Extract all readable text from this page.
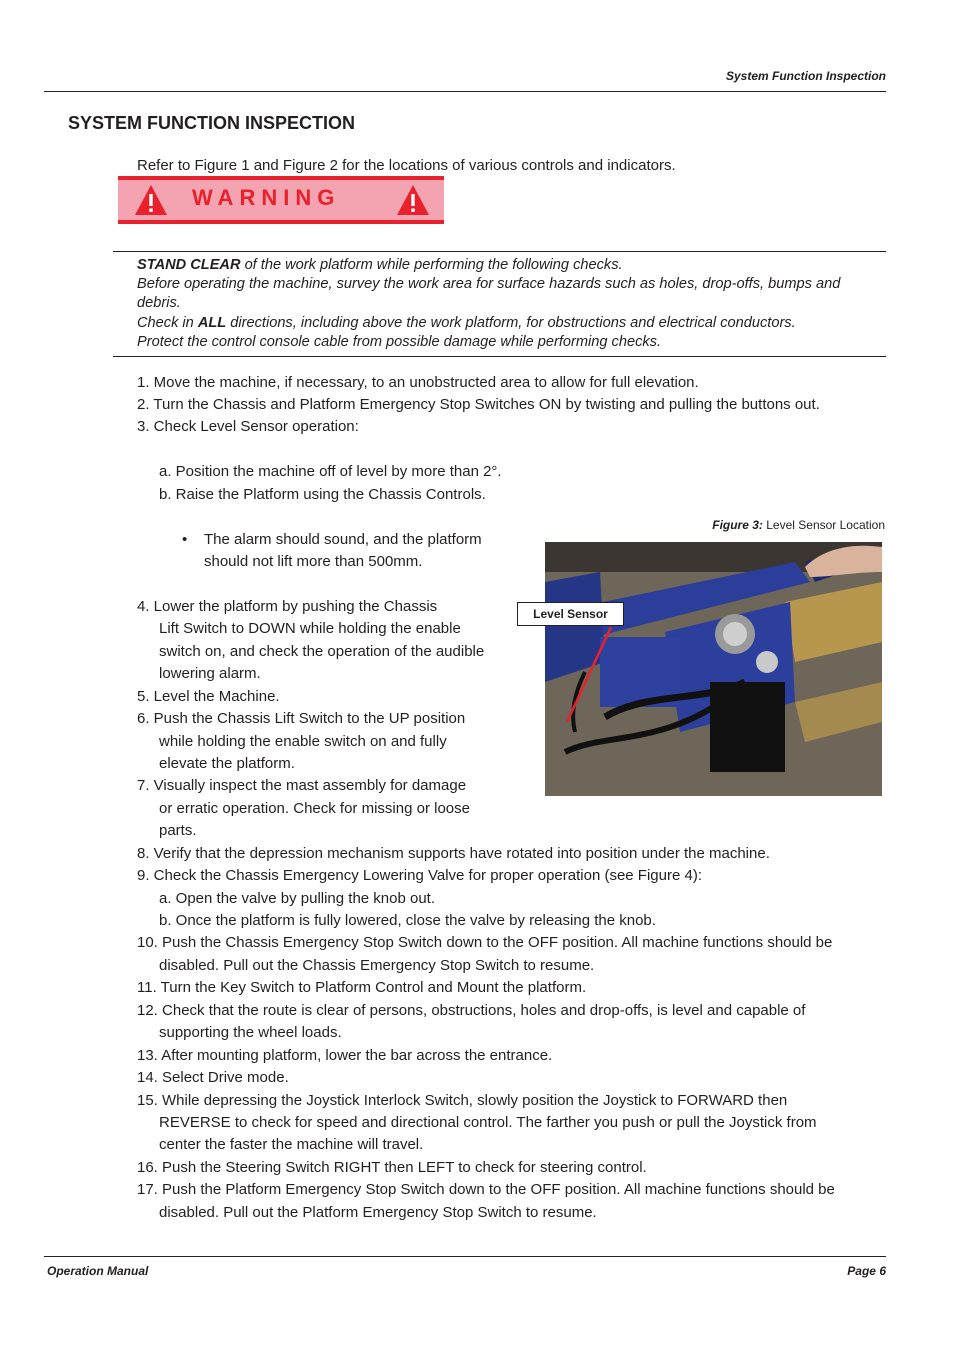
System Function Inspection
SYSTEM FUNCTION INSPECTION
Refer to Figure 1 and Figure 2 for the locations of various controls and indicators.
WARNING

STAND CLEAR of the work platform while performing the following checks.

Before operating the machine, survey the work area for surface hazards such as holes, drop-offs, bumps and debris.

Check in ALL directions, including above the work platform, for obstructions and electrical conductors.

Protect the control console cable from possible damage while performing checks.

1. Move the machine, if necessary, to an unobstructed area to allow for full elevation.
2. Turn the Chassis and Platform Emergency Stop Switches ON by twisting and pulling the buttons out.
3. Check Level Sensor operation:
a. Position the machine off of level by more than 2°.
b. Raise the Platform using the Chassis Controls.
• The alarm should sound, and the platform
should not lift more than 500mm.
4. Lower the platform by pushing the Chassis
Lift Switch to DOWN while holding the enable
switch on, and check the operation of the audible
lowering alarm.
5. Level the Machine.
6. Push the Chassis Lift Switch to the UP position
while holding the enable switch on and fully
elevate the platform.
7. Visually inspect the mast assembly for damage
or erratic operation. Check for missing or loose
parts.
8. Verify that the depression mechanism supports have rotated into position under the machine.
9. Check the Chassis Emergency Lowering Valve for proper operation (see Figure 4):
a. Open the valve by pulling the knob out.
b. Once the platform is fully lowered, close the valve by releasing the knob.
10. Push the Chassis Emergency Stop Switch down to the OFF position. All machine functions should be
disabled. Pull out the Chassis Emergency Stop Switch to resume.
11. Turn the Key Switch to Platform Control and Mount the platform.
12. Check that the route is clear of persons, obstructions, holes and drop-offs, is level and capable of
supporting the wheel loads.
13. After mounting platform, lower the bar across the entrance.
14. Select Drive mode.
15. While depressing the Joystick Interlock Switch, slowly position the Joystick to FORWARD then
REVERSE to check for speed and directional control. The farther you push or pull the Joystick from
center the faster the machine will travel.
16. Push the Steering Switch RIGHT then LEFT to check for steering control.
17. Push the Platform Emergency Stop Switch down to the OFF position. All machine functions should be
disabled. Pull out the Platform Emergency Stop Switch to resume.
Figure 3: Level Sensor Location
Level Sensor
Operation Manual	Page 6
